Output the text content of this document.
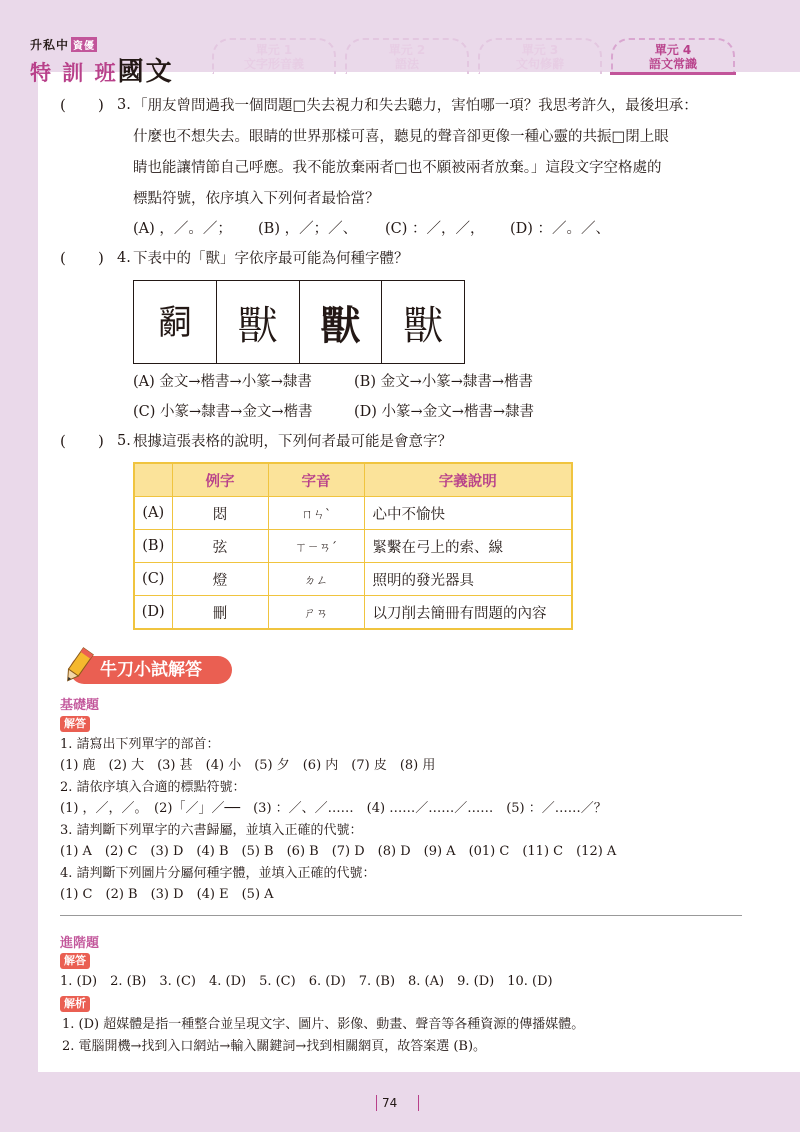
升私中 資優
特 訓 班國文
單元 1
文字形音義
單元 2
語法
單元 3
文句修辭
單元 4
語文常識
( ) 3. 「朋友曾問過我一個問題□失去視力和失去聽力，害怕哪一項？我思考許久，最後坦承：
什麼也不想失去。眼睛的世界那樣可喜，聽見的聲音卻更像一種心靈的共振□閉上眼
睛也能讓情節自己呼應。我不能放棄兩者□也不願被兩者放棄。」這段文字空格處的
標點符號，依序填入下列何者最恰當？
(A) ，／。／； (B) ，／；／、 (C) ：／，／， (D) ：／。／、
( ) 4. 下表中的「獸」字依序最可能為何種字體？
𤔲	獸	獸	獸
(A) 金文→楷書→小篆→隸書	(B) 金文→小篆→隸書→楷書
(C) 小篆→隸書→金文→楷書	(D) 小篆→金文→楷書→隸書
( ) 5. 根據這張表格的說明，下列何者最可能是會意字？
	例字	字音	字義說明
(A)	悶	ㄇㄣˋ	心中不愉快
(B)	弦	ㄒㄧㄢˊ	緊繫在弓上的索、線
(C)	燈	ㄉㄥ	照明的發光器具
(D)	刪	ㄕㄢ	以刀削去簡冊有問題的內容
牛刀小試解答
基礎題
解答
1. 請寫出下列單字的部首：
(1) 鹿　(2) 大　(3) 甚　(4) 小　(5) 夕　(6) 内　(7) 皮　(8) 用
2. 請依序填入合適的標點符號：
(1) ，／，／。　(2)「／」／──　(3) ：／、／……　(4) ……／……／……　(5) ：／……／？
3. 請判斷下列單字的六書歸屬，並填入正確的代號：
(1) A　(2) C　(3) D　(4) B　(5) B　(6) B　(7) D　(8) D　(9) A　(01) C　(11) C　(12) A
4. 請判斷下列圖片分屬何種字體，並填入正確的代號：
(1) C　(2) B　(3) D　(4) E　(5) A
進階題
解答
1. (D)　2. (B)　3. (C)　4. (D)　5. (C)　6. (D)　7. (B)　8. (A)　9. (D)　10. (D)
解析
1. (D) 超媒體是指一種整合並呈現文字、圖片、影像、動畫、聲音等各種資源的傳播媒體。
2. 電腦開機→找到入口網站→輸入關鍵詞→找到相關網頁，故答案選 (B)。
74
